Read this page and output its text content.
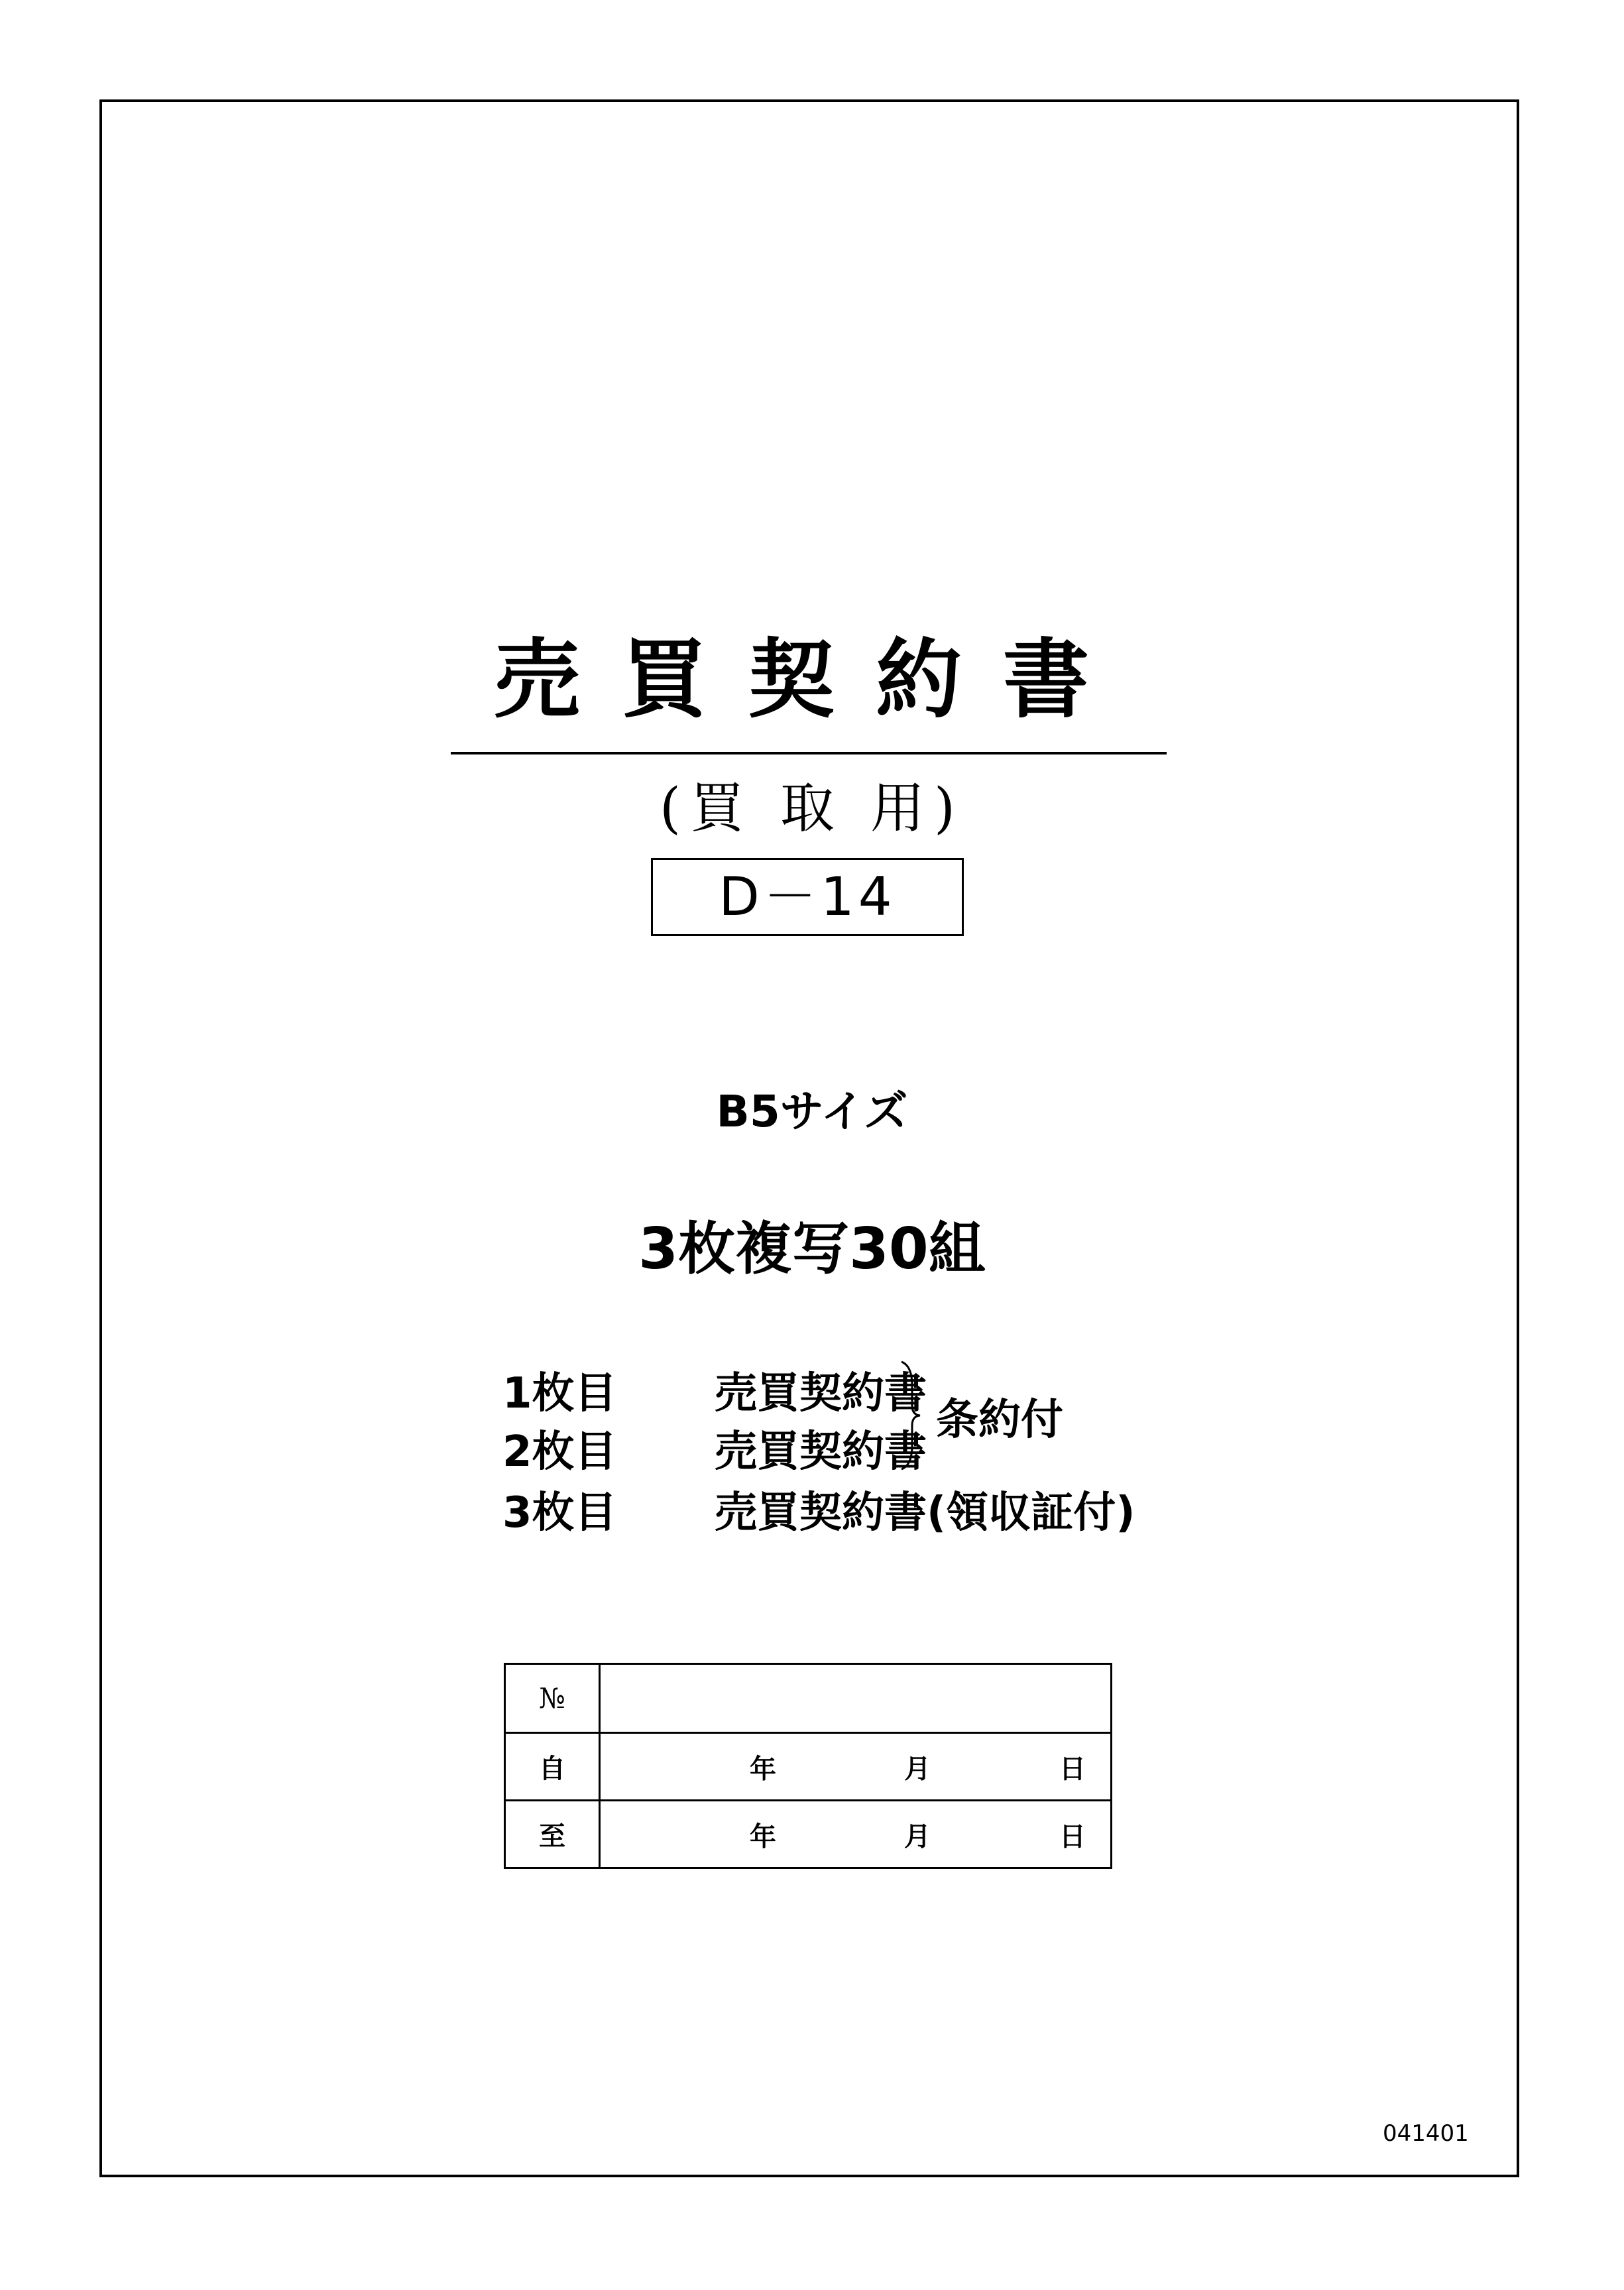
売買契約書
(買 取 用)
D－14
B5サイズ
3枚複写30組
1枚目 売買契約書
2枚目 売買契約書
3枚目 売買契約書(領収証付)
条約付
№	
自	年 月 日

至	年 月 日
041401
